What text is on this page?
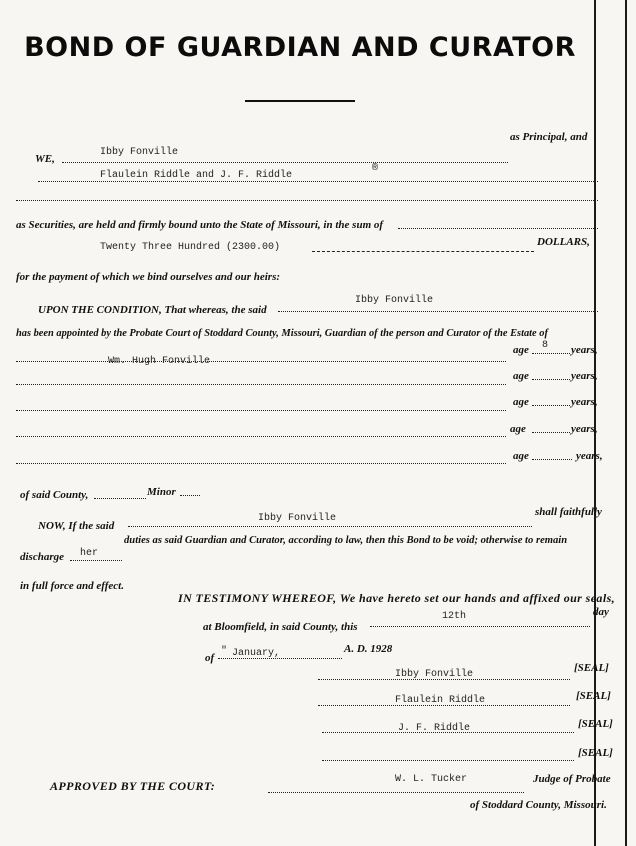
BOND OF GUARDIAN AND CURATOR
WE,
Ibby Fonville
as Principal, and
Flaulein Riddle and J. F. Riddle
®
as Securities, are held and firmly bound unto the State of Missouri, in the sum of
Twenty Three Hundred (2300.00)	DOLLARS,
for the payment of which we bind ourselves and our heirs:
UPON THE CONDITION, That whereas, the said
Ibby Fonville
has been appointed by the Probate Court of Stoddard County, Missouri, Guardian of the person and Curator of the Estate of
Wm. Hugh Fonville
age 8 years,
age	years,
age	years,
age	years,
age	years,
of said County,	Minor
NOW, If the said
Ibby Fonville
shall faithfully
discharge her
duties as said Guardian and Curator, according to law, then this Bond to be void; otherwise to remain
in full force and effect.
IN TESTIMONY WHEREOF, We have hereto set our hands and affixed our seals,
at Bloomfield, in said County, this
12th	day
of
" January,	A. D. 1928
Ibby Fonville
[SEAL]
Flaulein Riddle	[SEAL]
J. F. Riddle	[SEAL]
[SEAL]
APPROVED BY THE COURT:	W. L. Tucker	Judge of Probate
of Stoddard County, Missouri.
